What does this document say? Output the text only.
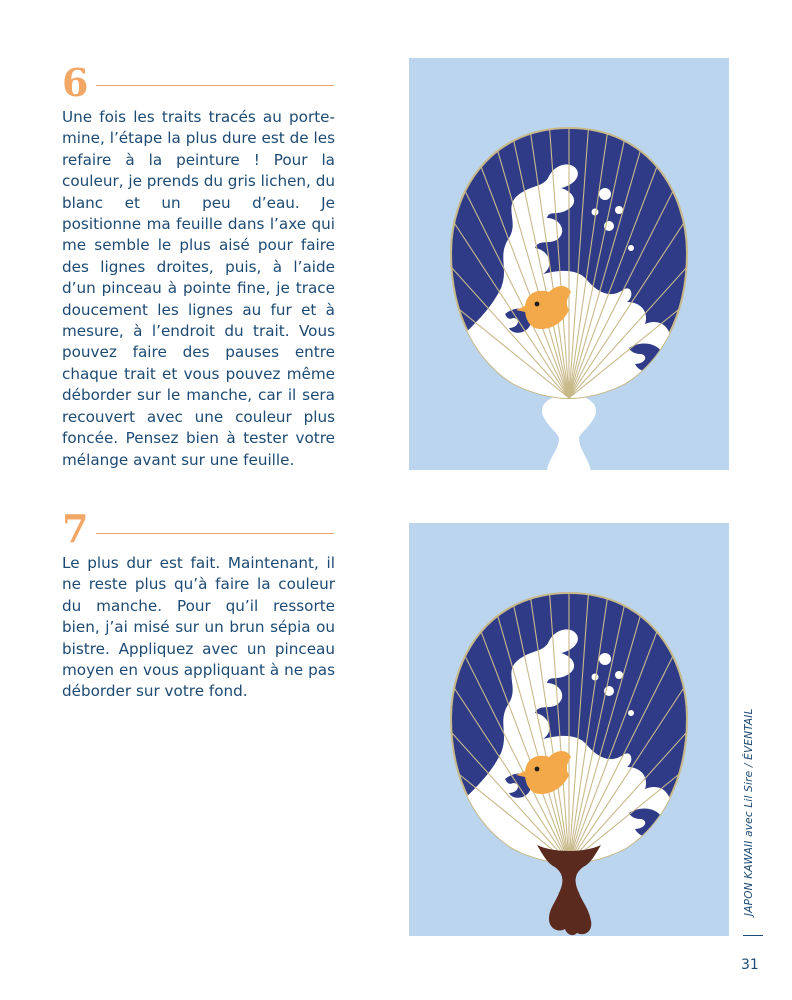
6

Une fois les traits tracés au porte-mine, l’étape la plus dure est de les refaire à la peinture ! Pour la couleur, je prends du gris lichen, du blanc et un peu d’eau. Je positionne ma feuille dans l’axe qui me semble le plus aisé pour faire des lignes droites, puis, à l’aide d’un pinceau à pointe fine, je trace doucement les lignes au fur et à mesure, à l’endroit du trait. Vous pouvez faire des pauses entre chaque trait et vous pouvez même déborder sur le manche, car il sera recouvert avec une couleur plus foncée. Pensez bien à tester votre mélange avant sur une feuille.

7

Le plus dur est fait. Maintenant, il ne reste plus qu’à faire la couleur du manche. Pour qu’il ressorte bien, j’ai misé sur un brun sépia ou bistre. Appliquez avec un pinceau moyen en vous appliquant à ne pas déborder sur votre fond.

JAPON KAWAII avec Lil Sire / ÉVENTAIL
31
